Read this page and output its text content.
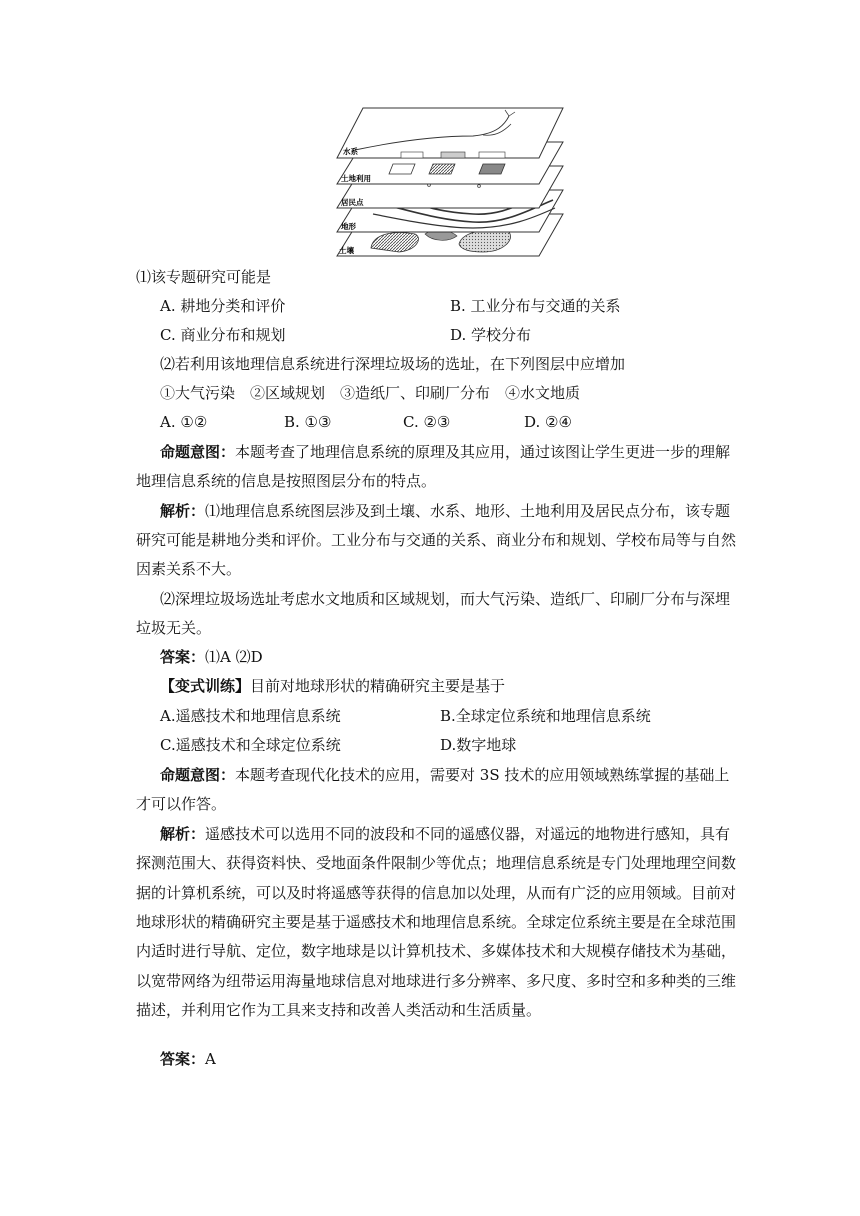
土壤
地形
居民点
土地利用
水系
⑴该专题研究可能是
A. 耕地分类和评价	B. 工业分布与交通的关系
C. 商业分布和规划	D. 学校分布
⑵若利用该地理信息系统进行深埋垃圾场的选址，在下列图层中应增加
①大气污染　②区域规划　③造纸厂、印刷厂分布　④水文地质
A. ①②	B. ①③	C. ②③	D. ②④
命题意图：本题考查了地理信息系统的原理及其应用，通过该图让学生更进一步的理解
地理信息系统的信息是按照图层分布的特点。
解析：⑴地理信息系统图层涉及到土壤、水系、地形、土地利用及居民点分布，该专题
研究可能是耕地分类和评价。工业分布与交通的关系、商业分布和规划、学校布局等与自然
因素关系不大。
⑵深埋垃圾场选址考虑水文地质和区域规划，而大气污染、造纸厂、印刷厂分布与深埋
垃圾无关。
答案：⑴A ⑵D
【变式训练】目前对地球形状的精确研究主要是基于
A.遥感技术和地理信息系统	B.全球定位系统和地理信息系统
C.遥感技术和全球定位系统	D.数字地球
命题意图：本题考查现代化技术的应用，需要对 3S 技术的应用领域熟练掌握的基础上
才可以作答。
解析：遥感技术可以选用不同的波段和不同的遥感仪器，对遥远的地物进行感知，具有
探测范围大、获得资料快、受地面条件限制少等优点；地理信息系统是专门处理地理空间数
据的计算机系统，可以及时将遥感等获得的信息加以处理，从而有广泛的应用领域。目前对
地球形状的精确研究主要是基于遥感技术和地理信息系统。全球定位系统主要是在全球范围
内适时进行导航、定位，数字地球是以计算机技术、多媒体技术和大规模存储技术为基础，
以宽带网络为纽带运用海量地球信息对地球进行多分辨率、多尺度、多时空和多种类的三维
描述，并利用它作为工具来支持和改善人类活动和生活质量。
答案：A
